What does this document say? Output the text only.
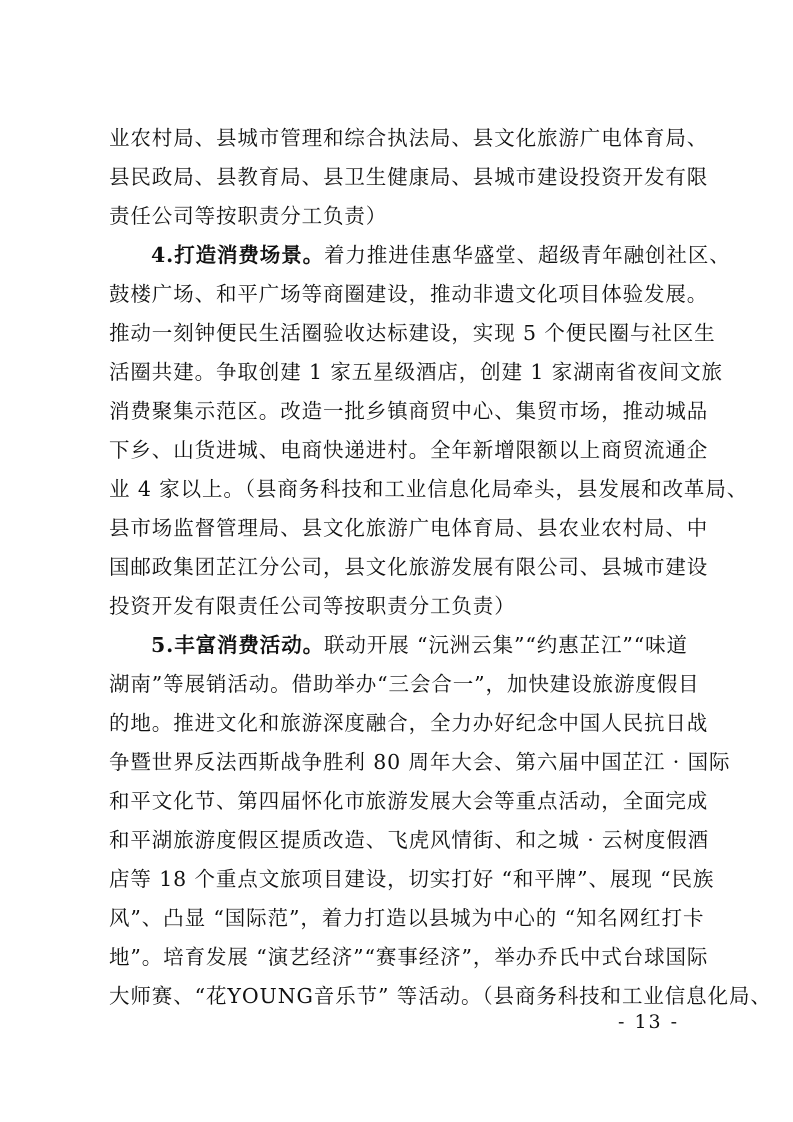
业农村局、县城市管理和综合执法局、县文化旅游广电体育局、
县民政局、县教育局、县卫生健康局、县城市建设投资开发有限
责任公司等按职责分工负责）
4.打造消费场景。着力推进佳惠华盛堂、超级青年融创社区、
鼓楼广场、和平广场等商圈建设，推动非遗文化项目体验发展。
推动一刻钟便民生活圈验收达标建设，实现 5 个便民圈与社区生
活圈共建。争取创建 1 家五星级酒店，创建 1 家湖南省夜间文旅
消费聚集示范区。改造一批乡镇商贸中心、集贸市场，推动城品
下乡、山货进城、电商快递进村。全年新增限额以上商贸流通企
业 4 家以上。（县商务科技和工业信息化局牵头，县发展和改革局、
县市场监督管理局、县文化旅游广电体育局、县农业农村局、中
国邮政集团芷江分公司，县文化旅游发展有限公司、县城市建设
投资开发有限责任公司等按职责分工负责）
5.丰富消费活动。联动开展 “沅洲云集”“约惠芷江”“味道
湖南”等展销活动。借助举办“三会合一”，加快建设旅游度假目
的地。推进文化和旅游深度融合，全力办好纪念中国人民抗日战
争暨世界反法西斯战争胜利 80 周年大会、第六届中国芷江 · 国际
和平文化节、第四届怀化市旅游发展大会等重点活动，全面完成
和平湖旅游度假区提质改造、飞虎风情街、和之城 · 云树度假酒
店等 18 个重点文旅项目建设，切实打好 “和平牌”、展现 “民族
风”、凸显 “国际范”，着力打造以县城为中心的 “知名网红打卡
地”。培育发展 “演艺经济”“赛事经济”，举办乔氏中式台球国际
大师赛、“花YOUNG音乐节” 等活动。（县商务科技和工业信息化局、
- 13 -
